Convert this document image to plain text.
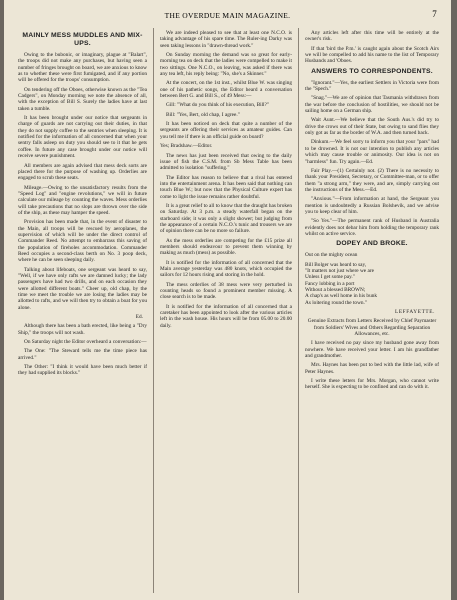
THE OVERDUE MAIN MAGAZINE.	7
MAINLY MESS MUDDLES AND MIX-UPS.

Owing to the bubonic, or imaginary, plague at "Balart", the troops did not make any purchases, but having seen a number of fringes brought on board, we are anxious to know as to whether these were first fumigated, and if any portion will be offered for the troops' consumption.

On tendering off the Oboes, otherwise known as the "Tea Cadgers", on Monday morning we note the absence of all, with the exception of Bill S. Surely the ladies have at last taken a tumble.

It has been brought under our notice that sergeants in charge of guards are not carrying out their duties, in that they do not supply coffee to the sentries when sleeping. It is notified for the information of all concerned that when your sentry falls asleep on duty you should see to it that he gets coffee. In future any case brought under our notice will receive severe punishment.

All members are again advised that mess deck sorts are placed there for the purpose of washing up. Orderlies are engaged to scrub these seats.

Mileage.—Owing to the unsatisfactory results from the "Speed Log" and "engine revolutions," we will in future calculate our mileage by counting the waves. Mess orderlies will take precautions that no slops are thrown over the side of the ship, as these may hamper the speed.

Provision has been made that, in the event of disaster to the Main, all troops will be rescued by aeroplanes, the supervision of which will be under the direct control of Commander Reed. No attempt to embarrass this saving of the population of fireholes accommodation. Commander Reed occupies a second-class berth on No. 3 poop deck, where he can be seen sleeping daily.

Talking about lifeboats, one sergeant was heard to say, "Well, if we have only rafts we are damned lucky; the lady passengers have had two drills, and on each occasion they were allotted different boats." Cheer up, old chap, by the time we meet the trouble we are losing the ladies may be allotted to rafts, and we will then try to obtain a boat for you alone.

Ed.

Although there has been a bath erected, like being a "Dry Ship," the troops will not wash.

On Saturday night the Editor overheard a conversation:—

The One: "The Steward tells me the time piece has arrived."

The Other: "I think it would have been much better if they had supplied its blocks."

We are indeed pleased to see that at least one N.C.O. is taking advantage of his spare time. The Ruler-ing Darky was seen taking lessons in "drawn-thread work."

On Sunday morning the demand was so great for early-morning tea on deck that the ladies were compelled to make it two sittings. One N.C.O., on leaving, was asked if there was any tea left, his reply being: "No, she's a Skinner."

At the concert, on the 1st inst., whilst Blue W. was singing one of his pathetic songs, the Editor heard a conversation between Bert G. and Bill S., of 49 Mess:—

Gill: "What do you think of his execution, Bill?"

Bill: "Yes, Bert, old chap, I agree."

It has been noticed on deck that quite a number of the sergeants are offering their services as amateur guides. Can you tell me if there is an official guide on board?

Yes; Bradshaw.—Editor.

The news has just been received that owing to the daily issue of fish the C.S.M. from Sb Mess Table has been admitted to isolation "suffering."

The Editor has reason to believe that a rival has entered into the entertainment arena. It has been said that nothing can touch Blue W.; but now that the Physical Culture expert has come to light the issue remains rather doubtful.

It is a great relief to all to know that the draught has broken on Saturday. At 3 p.m. a steady waterfall began on the starboard side; it was only a slight shower; but judging from the appearance of a certain N.C.O.'s tunic and trousers we are of opinion there can be no more so failure.

As the mess orderlies are competing for the £15 prize all members should endeavour to prevent them winning by making as much (mess) as possible.

It is notified for the information of all concerned that the Main average yesterday was 480 knots, which occupied the sailors for 12 hours rising and storing in the hold.

The mess orderlies of 38 mess were very perturbed in counting heads so found a prominent member missing. A close search is to be made.

It is notified for the information of all concerned that a caretaker has been appointed to look after the various articles left in the wash house. His hours will be from 05.00 to 20.00 daily.

Any articles left after this time will be entirely at the owner's risk.

If that 'bird the P.m.' is caught again about the Scotch Airs we will be compelled to add his name to the list of Temporary Husbands and 'Oboes.

ANSWERS TO CORRESPONDENTS.

"Ignorant."—Yes, the earliest Settlers in Victoria were from the "Spech."

"Snag."—We are of opinion that Tasmania withdrawn from the war before the conclusion of hostilities, we should not be sailing home on a German ship.

Wait Aunt.—We believe that the South Aus.'s did try to drive the crows out of their State, but owing to sand flies they only got as far as the border of W.A. and then turned back.

Dinkum.—We feel sorry to inform you that your "pars" had to be drowned. It is not our intention to publish any articles which may cause trouble or animosity. Our idea is not on "harmless" fun. Try again.—Ed.

Fair Play.—(1) Certainly not. (2) There is no necessity to thank your President, Secretary, or Committee-man, or to offer them "a strong arm," they were, and are, simply carrying out the instructions of the Mess.—Ed.

"Anxious."—From information at hand, the Sergeant you mention is undoubtedly a Russian Bolshevik, and we advise you to keep clear of him.

"So Yes."—The permanent rank of Husband in Australia evidently does not debar him from holding the temporary rank whilst on active service.

DOPEY AND BROKE.

Out on the mighty ocean

Bill Bolger was heard to say,

"It matters not just where we are

Unless I get some pay."

Fancy lobbing in a port

Without a blessed BROWN;

A chap's as well home in his bunk

As loitering round the town."

LEFFAYETTE.

Genuine Extracts from Letters Received by Chief Paymaster from Soldiers' Wives and Others Regarding Separation Allowances, etc.

I have received no pay since my husband gone away from nowhere. We have received your letter. I am his grandfather and grandmother.

Mrs. Haynes has been put to bed with the little lad, wife of Peter Haynes.

I write these letters for Mrs. Morgan, who cannot write herself. She is expecting to be confined and can do with it.
